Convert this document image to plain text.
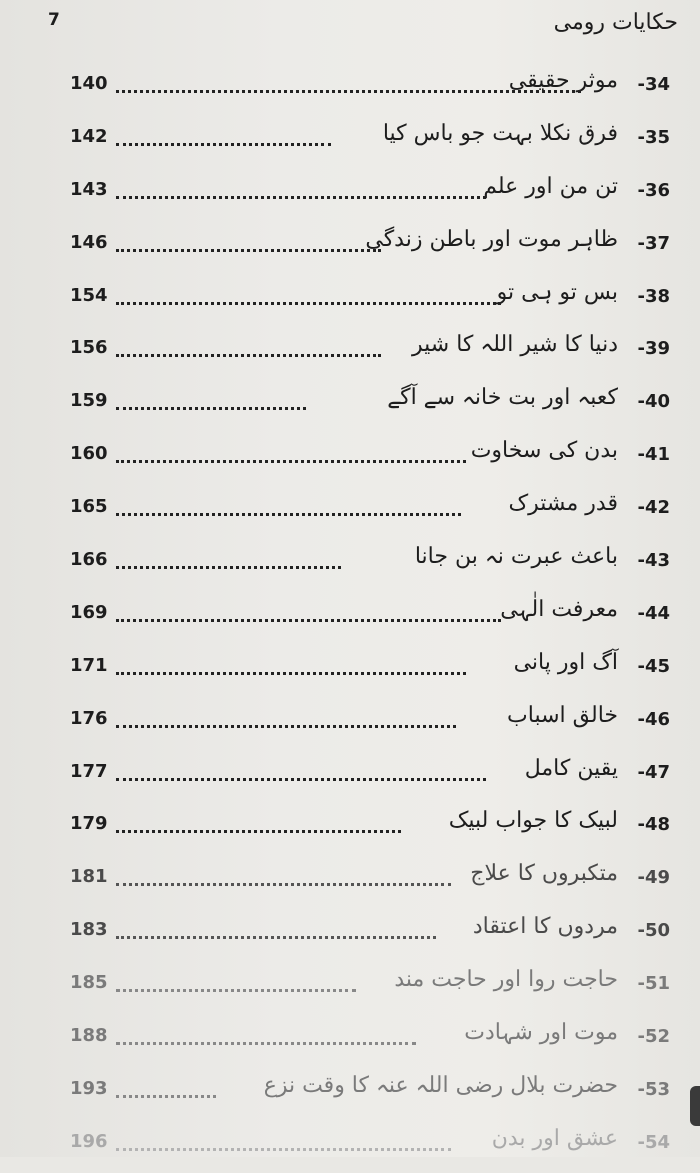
7	حکایات رومی
-34
موثر حقیقی
140
-35
فرق نکلا بہت جو باس کیا
142
-36
تن من اور علم
143
-37
ظاہر موت اور باطن زندگی
146
-38
بس تو ہی تو
154
-39
دنیا کا شیر اللہ کا شیر
156
-40
کعبہ اور بت خانہ سے آگے
159
-41
بدن کی سخاوت
160
-42
قدر مشترک
165
-43
باعث عبرت نہ بن جانا
166
-44
معرفت الٰہی
169
-45
آگ اور پانی
171
-46
خالق اسباب
176
-47
یقین کامل
177
-48
لبیک کا جواب لبیک
179
-49
متکبروں کا علاج
181
-50
مردوں کا اعتقاد
183
-51
حاجت روا اور حاجت مند
185
-52
موت اور شہادت
188
-53
حضرت بلال رضی اللہ عنہ کا وقت نزع
193
-54
عشق اور بدن
196
